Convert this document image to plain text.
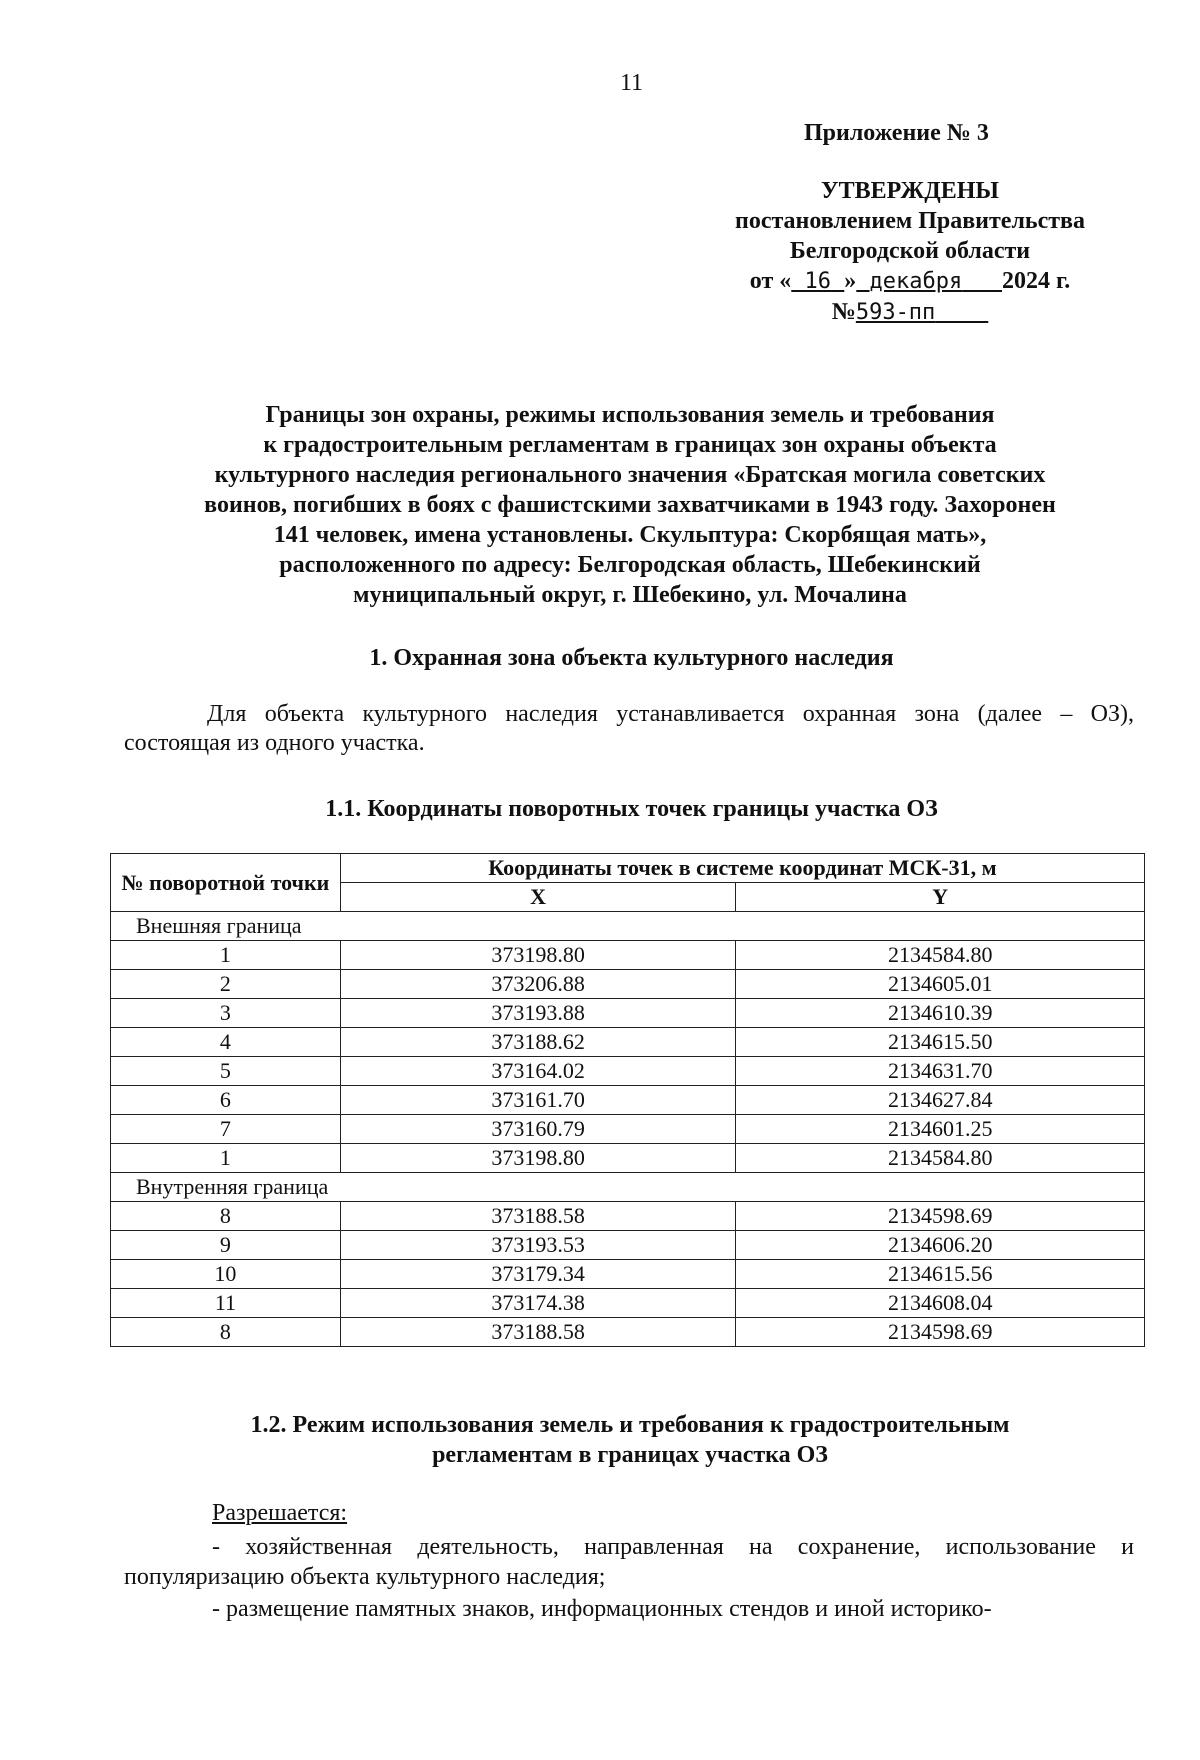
11
Приложение № 3
УТВЕРЖДЕНЫ
постановлением Правительства
Белгородской области
от « 16 » декабря 2024 г.
№593-пп
Границы зон охраны, режимы использования земель и требования
к градостроительным регламентам в границах зон охраны объекта
культурного наследия регионального значения «Братская могила советских
воинов, погибших в боях с фашистскими захватчиками в 1943 году. Захоронен
141 человек, имена установлены. Скульптура: Скорбящая мать»,
расположенного по адресу: Белгородская область, Шебекинский
муниципальный округ, г. Шебекино, ул. Мочалина
1. Охранная зона объекта культурного наследия
Для объекта культурного наследия устанавливается охранная зона (далее – ОЗ), состоящая из одного участка.
1.1. Координаты поворотных точек границы участка ОЗ
№ поворотной точки	Координаты точек в системе координат МСК-31, м	
	X	Y
Внешняя граница		
1	373198.80	2134584.80
2	373206.88	2134605.01
3	373193.88	2134610.39
4	373188.62	2134615.50
5	373164.02	2134631.70
6	373161.70	2134627.84
7	373160.79	2134601.25
1	373198.80	2134584.80
Внутренняя граница		
8	373188.58	2134598.69
9	373193.53	2134606.20
10	373179.34	2134615.56
11	373174.38	2134608.04
8	373188.58	2134598.69
1.2. Режим использования земель и требования к градостроительным
регламентам в границах участка ОЗ
Разрешается:
- хозяйственная деятельность, направленная на сохранение, использование и популяризацию объекта культурного наследия;
- размещение памятных знаков, информационных стендов и иной историко-
